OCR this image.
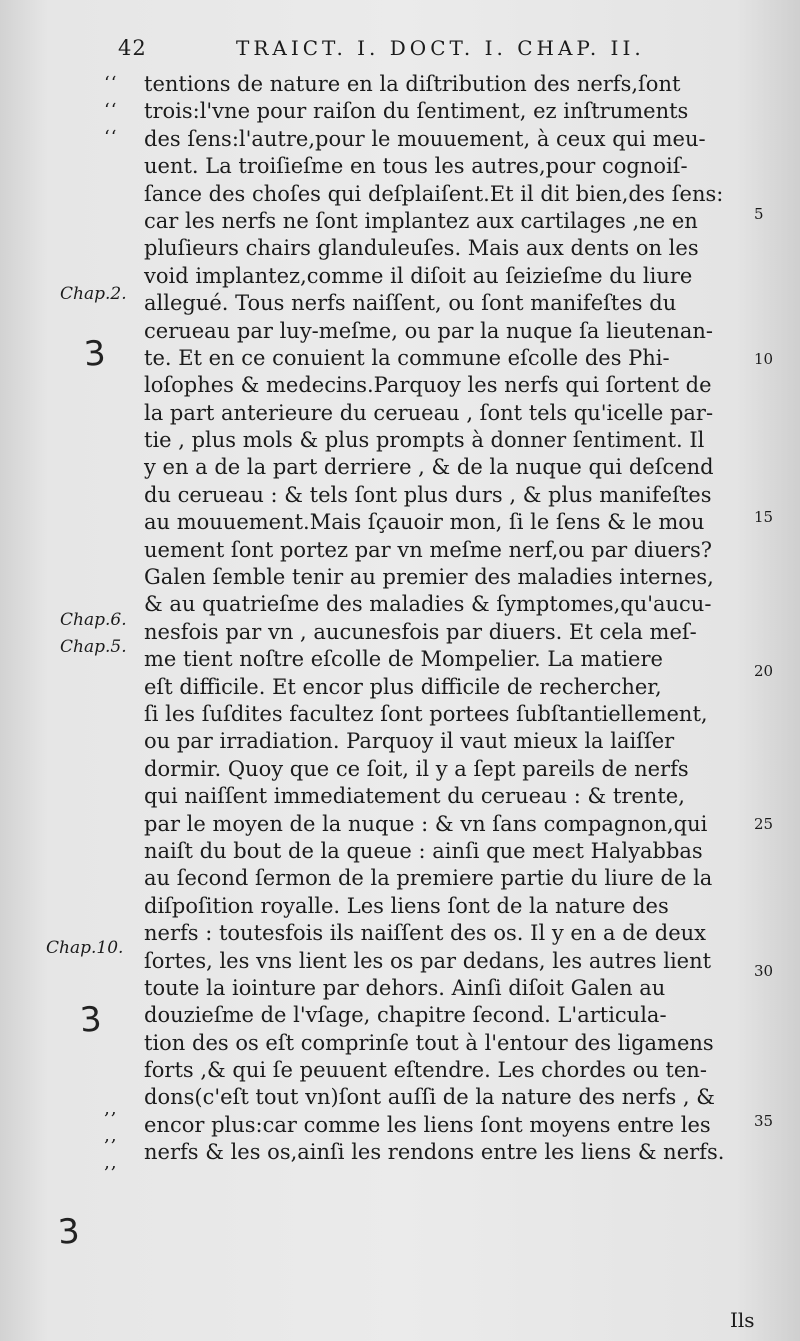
42	TRAICT. I. DOCT. I. CHAP. II.
‘‘
‘‘
‘‘
‚‚
‚‚
‚‚
Chap.2.
Chap.6.
Chap.5.
Chap.10.
3
3
3
5
10
15
20
25
30
35
tentions de nature en la diſtribution des nerfs,ſont
trois:l'vne pour raiſon du ſentiment, ez inſtruments
des ſens:l'autre,pour le mouuement, à ceux qui meu-
uent. La troiſieſme en tous les autres,pour cognoiſ-
ſance des choſes qui deſplaiſent.Et il dit bien,des ſens:
car les nerfs ne ſont implantez aux cartilages ,ne en
pluſieurs chairs glanduleuſes. Mais aux dents on les
void implantez,comme il diſoit au ſeizieſme du liure
allegué. Tous nerfs naiſſent, ou ſont manifeſtes du
cerueau par luy-meſme, ou par la nuque ſa lieutenan-
te. Et en ce conuient la commune eſcolle des Phi-
loſophes & medecins.Parquoy les nerfs qui ſortent de
la part anterieure du cerueau , ſont tels qu'icelle par-
tie , plus mols & plus prompts à donner ſentiment. Il
y en a de la part derriere , & de la nuque qui deſcend
du cerueau : & tels ſont plus durs , & plus manifeſtes
au mouuement.Mais ſçauoir mon, ſi le ſens & le mou
uement ſont portez par vn meſme nerf,ou par diuers?
Galen ſemble tenir au premier des maladies internes,
& au quatrieſme des maladies & ſymptomes,qu'aucu-
nesfois par vn , aucunesfois par diuers. Et cela meſ-
me tient noſtre eſcolle de Mompelier. La matiere
eſt difficile. Et encor plus difficile de rechercher,
ſi les ſuſdites facultez ſont portees ſubſtantiellement,
ou par irradiation. Parquoy il vaut mieux la laiſſer
dormir. Quoy que ce ſoit, il y a ſept pareils de nerfs
qui naiſſent immediatement du cerueau : & trente,
par le moyen de la nuque : & vn ſans compagnon,qui
naiſt du bout de la queue : ainſi que meɛt Halyabbas
au ſecond ſermon de la premiere partie du liure de la
diſpoſition royalle. Les liens ſont de la nature des
nerfs : toutesfois ils naiſſent des os. Il y en a de deux
ſortes, les vns lient les os par dedans, les autres lient
toute la iointure par dehors. Ainſi diſoit Galen au
douzieſme de l'vſage, chapitre ſecond. L'articula-
tion des os eſt comprinſe tout à l'entour des ligamens
forts ,& qui ſe peuuent eſtendre. Les chordes ou ten-
dons(c'eſt tout vn)ſont auſſi de la nature des nerfs , &
encor plus:car comme les liens ſont moyens entre les
nerfs & les os,ainſi les rendons entre les liens & nerfs.
Ils
